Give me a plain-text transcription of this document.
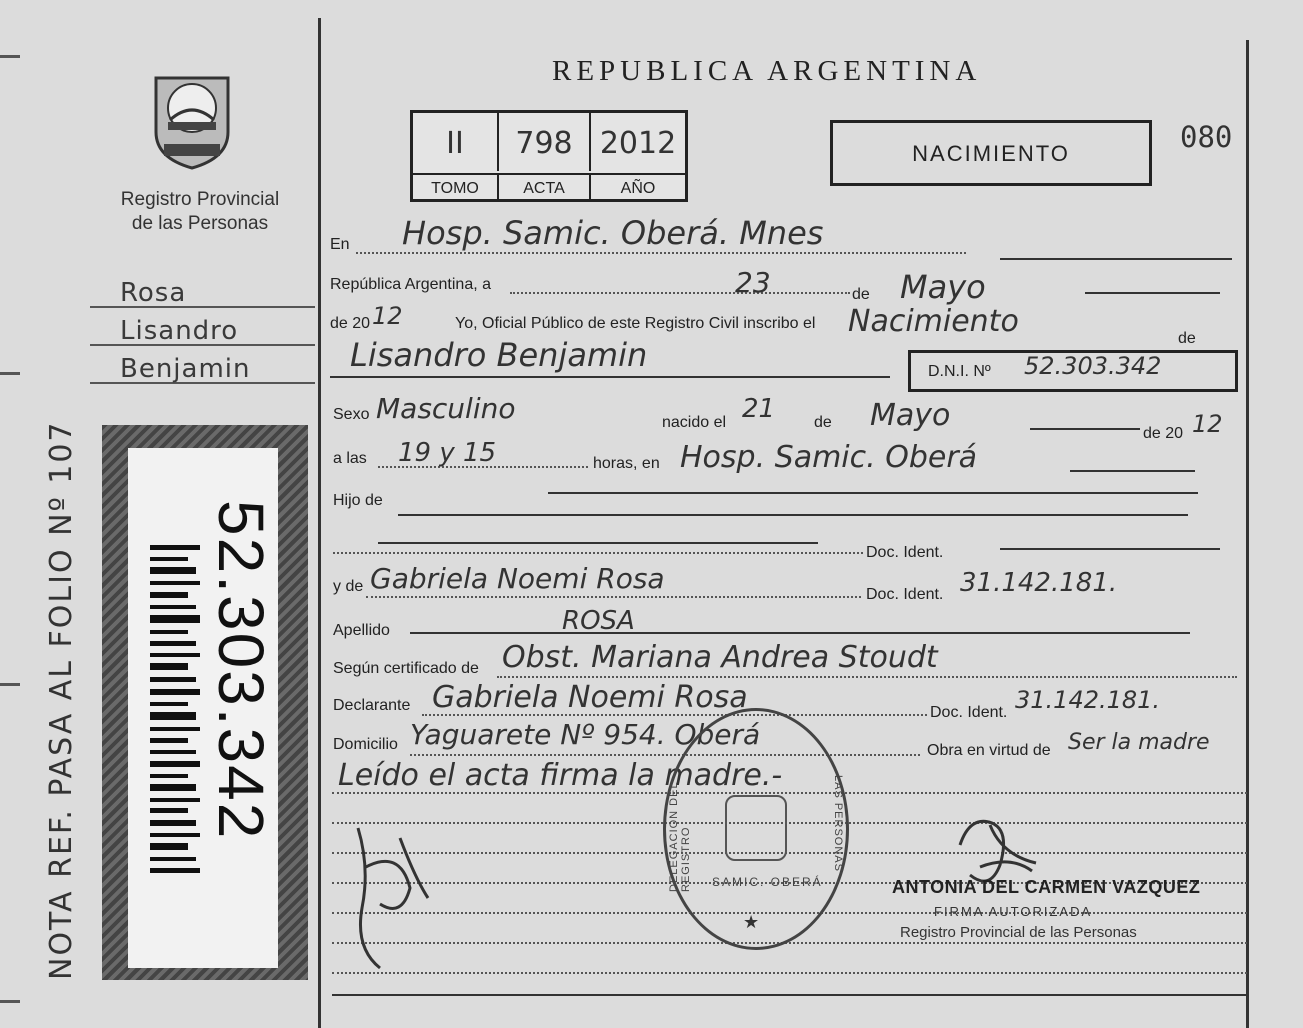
Registro Provincial
de las Personas
Rosa
Lisandro
Benjamin
NOTA REF. PASA AL FOLIO Nº 107 52.303.342
REPUBLICA ARGENTINA
II	798 2012
TOMO	ACTA	AÑO
NACIMIENTO	080
En Hosp. Samic. Oberá. Mnes
República Argentina, a	23	de Mayo
de 20 12	Yo, Oficial Público de este Registro Civil inscribo el Nacimiento	de
Lisandro Benjamin	D.N.I. Nº 52.303.342
Sexo Masculino	nacido el 21 de Mayo
de 20 12
a las 19 y 15	horas, en Hosp. Samic. Oberá
Hijo de
Doc. Ident.
y de Gabriela Noemi Rosa	Doc. Ident. 31.142.181.
Apellido	ROSA
Según certificado de Obst. Mariana Andrea Stoudt
Declarante Gabriela Noemi Rosa	Doc. Ident. 31.142.181.
Domicilio Yaguarete Nº 954. Oberá	Obra en virtud de Ser la madre
Leído el acta firma la madre.-
DELEGACION DEL REGISTRO	LAS PERSONAS
SAMIC. OBERÁ
★
ANTONIA DEL CARMEN VAZQUEZ
FIRMA AUTORIZADA
Registro Provincial de las Personas
